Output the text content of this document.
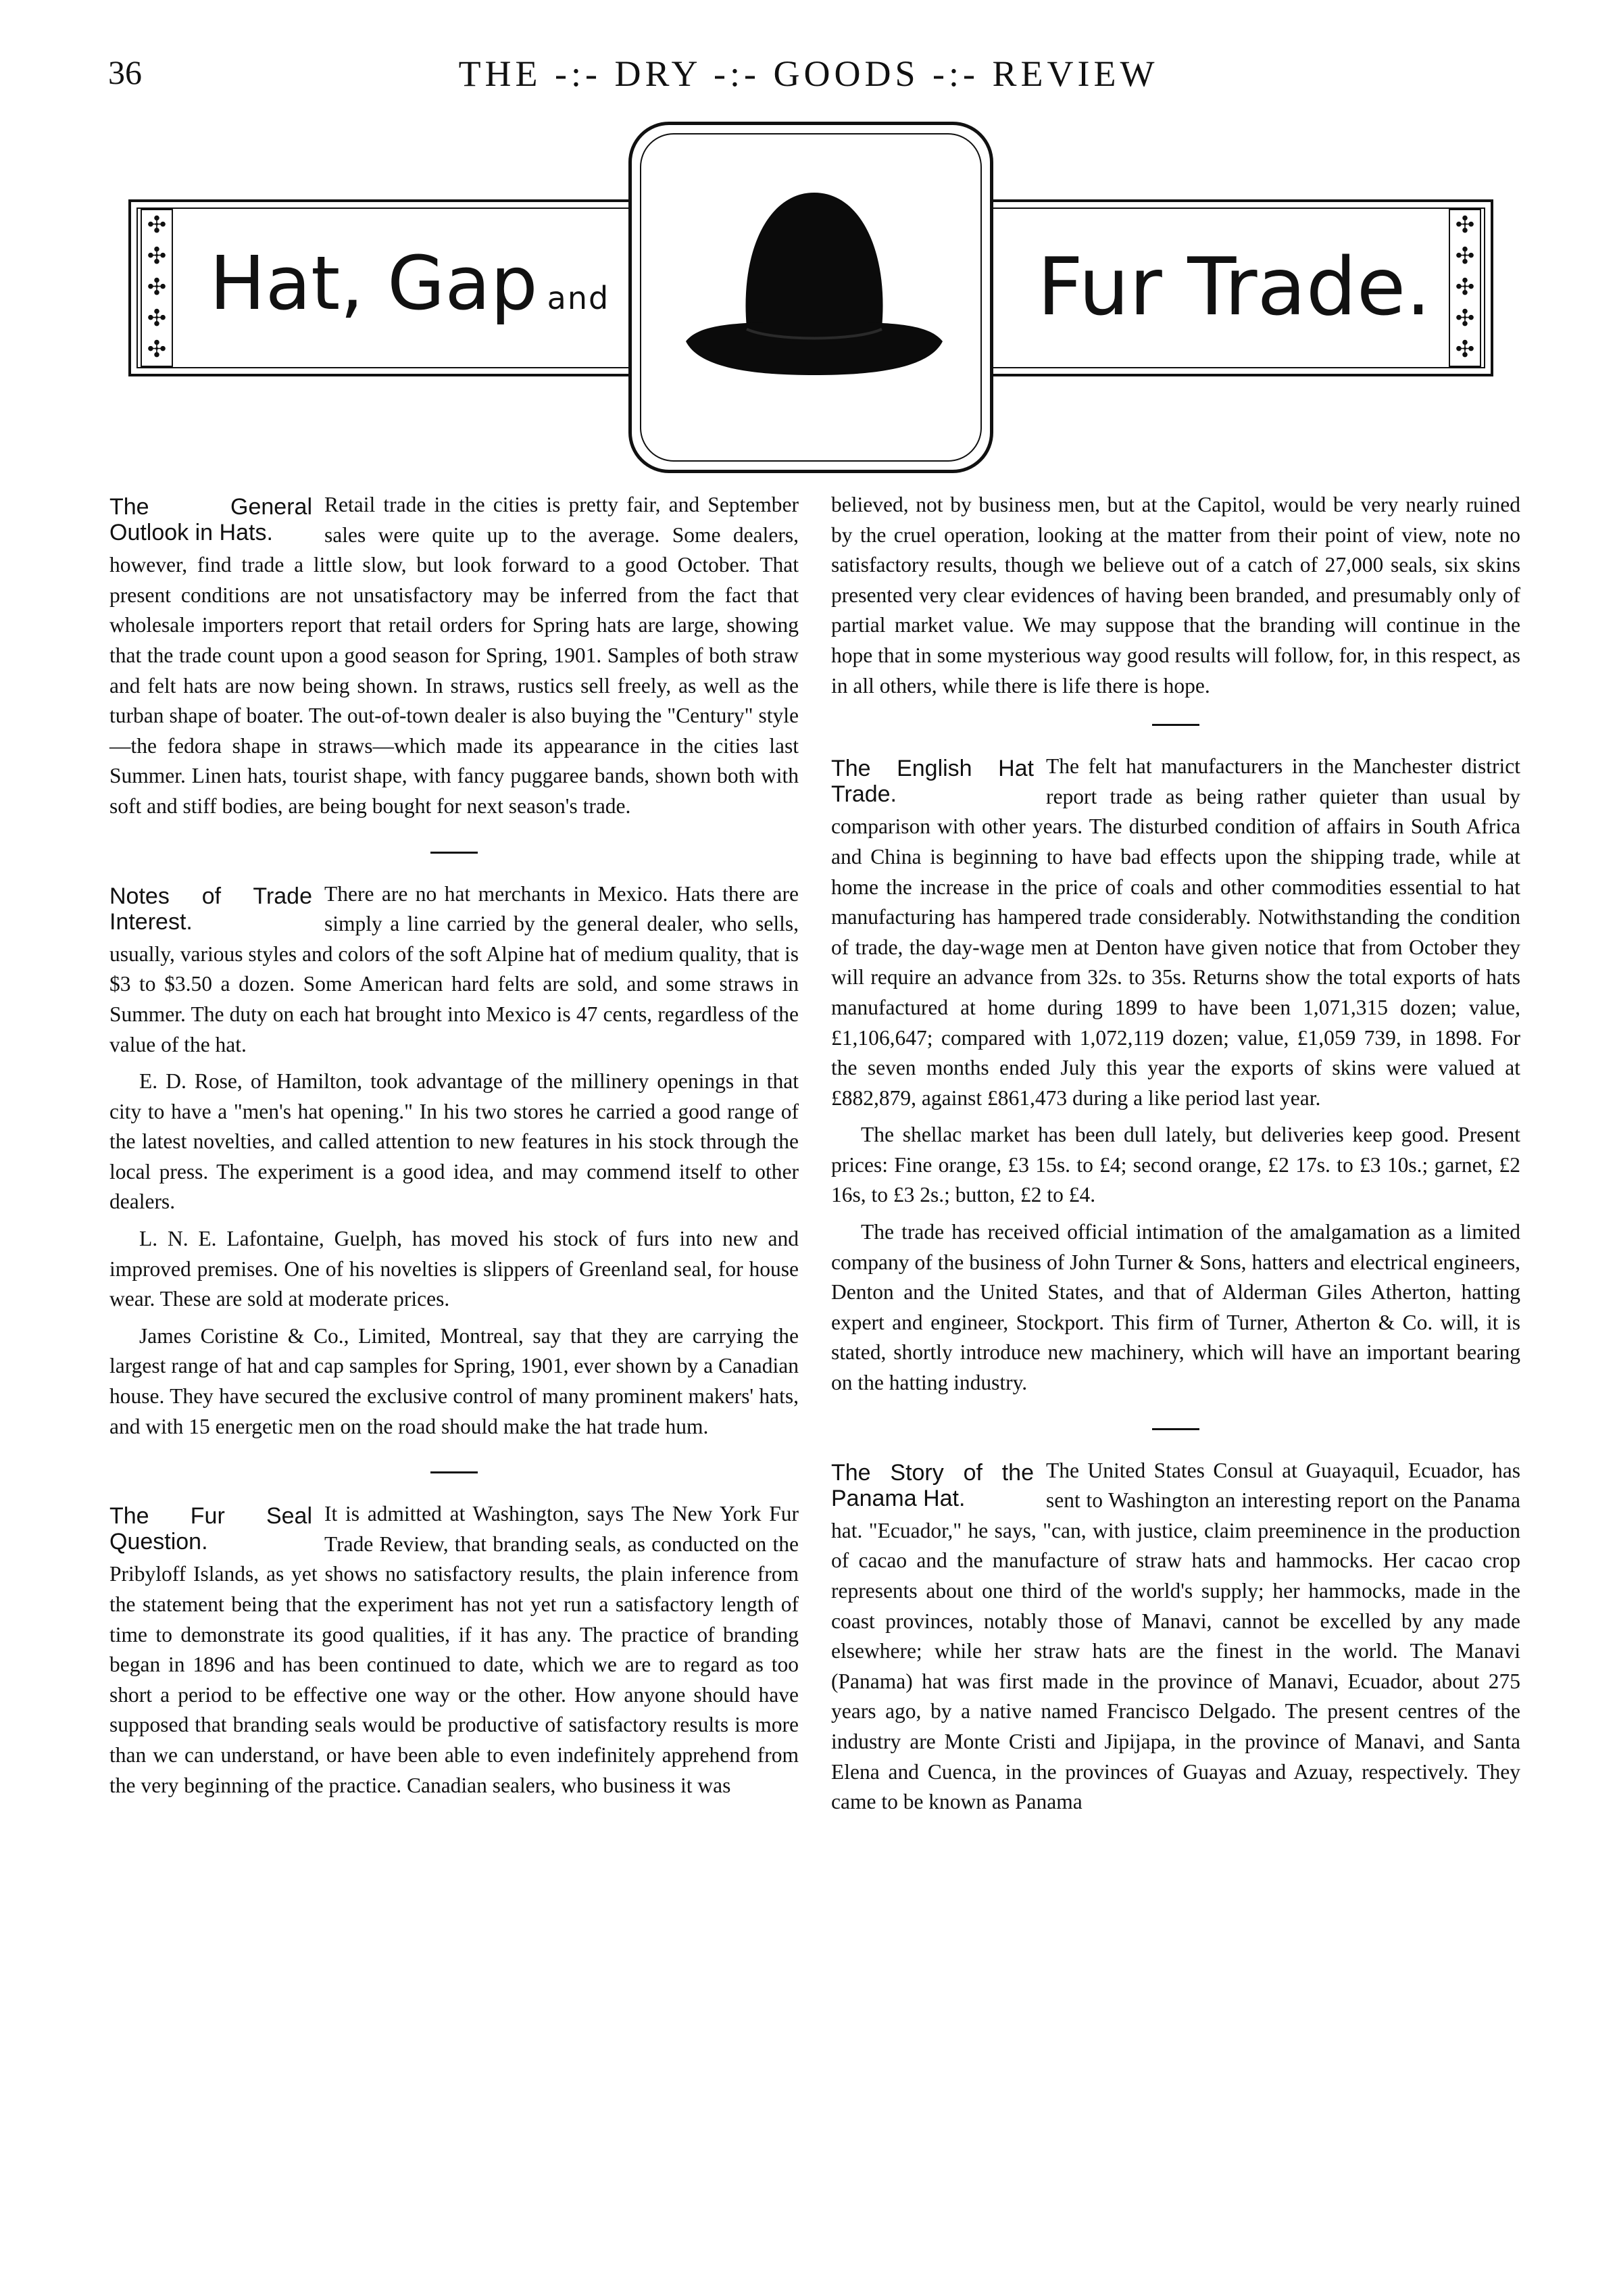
36	THE -:- DRY -:- GOODS -:- REVIEW
✣
✣
✣
✣
✣
✣
✣
✣
✣
✣
Hat, Gap and	Fur Trade.
The General Outlook in Hats.

Retail trade in the cities is pretty fair, and September sales were quite up to the average. Some dealers, however, find trade a little slow, but look forward to a good October. That present conditions are not unsatisfactory may be inferred from the fact that wholesale importers report that retail orders for Spring hats are large, showing that the trade count upon a good season for Spring, 1901. Samples of both straw and felt hats are now being shown. In straws, rustics sell freely, as well as the turban shape of boater. The out-of-town dealer is also buying the "Century" style—the fedora shape in straws—which made its appearance in the cities last Summer. Linen hats, tourist shape, with fancy puggaree bands, shown both with soft and stiff bodies, are being bought for next season's trade.

Notes of Trade Interest.

There are no hat merchants in Mexico. Hats there are simply a line carried by the general dealer, who sells, usually, various styles and colors of the soft Alpine hat of medium quality, that is $3 to $3.50 a dozen. Some American hard felts are sold, and some straws in Summer. The duty on each hat brought into Mexico is 47 cents, regardless of the value of the hat.

E. D. Rose, of Hamilton, took advantage of the millinery openings in that city to have a "men's hat opening." In his two stores he carried a good range of the latest novelties, and called attention to new features in his stock through the local press. The experiment is a good idea, and may commend itself to other dealers.

L. N. E. Lafontaine, Guelph, has moved his stock of furs into new and improved premises. One of his novelties is slippers of Greenland seal, for house wear. These are sold at moderate prices.

James Coristine & Co., Limited, Montreal, say that they are carrying the largest range of hat and cap samples for Spring, 1901, ever shown by a Canadian house. They have secured the exclusive control of many prominent makers' hats, and with 15 energetic men on the road should make the hat trade hum.

The Fur Seal Question.

It is admitted at Washington, says The New York Fur Trade Review, that branding seals, as conducted on the Pribyloff Islands, as yet shows no satisfactory results, the plain inference from the statement being that the experiment has not yet run a satisfactory length of time to demonstrate its good qualities, if it has any. The practice of branding began in 1896 and has been continued to date, which we are to regard as too short a period to be effective one way or the other. How anyone should have supposed that branding seals would be productive of satisfactory results is more than we can understand, or have been able to even indefinitely apprehend from the very beginning of the practice. Canadian sealers, who business it was

believed, not by business men, but at the Capitol, would be very nearly ruined by the cruel operation, looking at the matter from their point of view, note no satisfactory results, though we believe out of a catch of 27,000 seals, six skins presented very clear evidences of having been branded, and presumably only of partial market value. We may suppose that the branding will continue in the hope that in some mysterious way good results will follow, for, in this respect, as in all others, while there is life there is hope.

The English Hat Trade.

The felt hat manufacturers in the Manchester district report trade as being rather quieter than usual by comparison with other years. The disturbed condition of affairs in South Africa and China is beginning to have bad effects upon the shipping trade, while at home the increase in the price of coals and other commodities essential to hat manufacturing has hampered trade considerably. Notwithstanding the condition of trade, the day-wage men at Denton have given notice that from October they will require an advance from 32s. to 35s. Returns show the total exports of hats manufactured at home during 1899 to have been 1,071,315 dozen; value, £1,106,647; compared with 1,072,119 dozen; value, £1,059 739, in 1898. For the seven months ended July this year the exports of skins were valued at £882,879, against £861,473 during a like period last year.

The shellac market has been dull lately, but deliveries keep good. Present prices: Fine orange, £3 15s. to £4; second orange, £2 17s. to £3 10s.; garnet, £2 16s, to £3 2s.; button, £2 to £4.

The trade has received official intimation of the amalgamation as a limited company of the business of John Turner & Sons, hatters and electrical engineers, Denton and the United States, and that of Alderman Giles Atherton, hatting expert and engineer, Stockport. This firm of Turner, Atherton & Co. will, it is stated, shortly introduce new machinery, which will have an important bearing on the hatting industry.

The Story of the Panama Hat.

The United States Consul at Guayaquil, Ecuador, has sent to Washington an interesting report on the Panama hat. "Ecuador," he says, "can, with justice, claim preeminence in the production of cacao and the manufacture of straw hats and hammocks. Her cacao crop represents about one third of the world's supply; her hammocks, made in the coast provinces, notably those of Manavi, cannot be excelled by any made elsewhere; while her straw hats are the finest in the world. The Manavi (Panama) hat was first made in the province of Manavi, Ecuador, about 275 years ago, by a native named Francisco Delgado. The present centres of the industry are Monte Cristi and Jipijapa, in the province of Manavi, and Santa Elena and Cuenca, in the provinces of Guayas and Azuay, respectively. They came to be known as Panama
